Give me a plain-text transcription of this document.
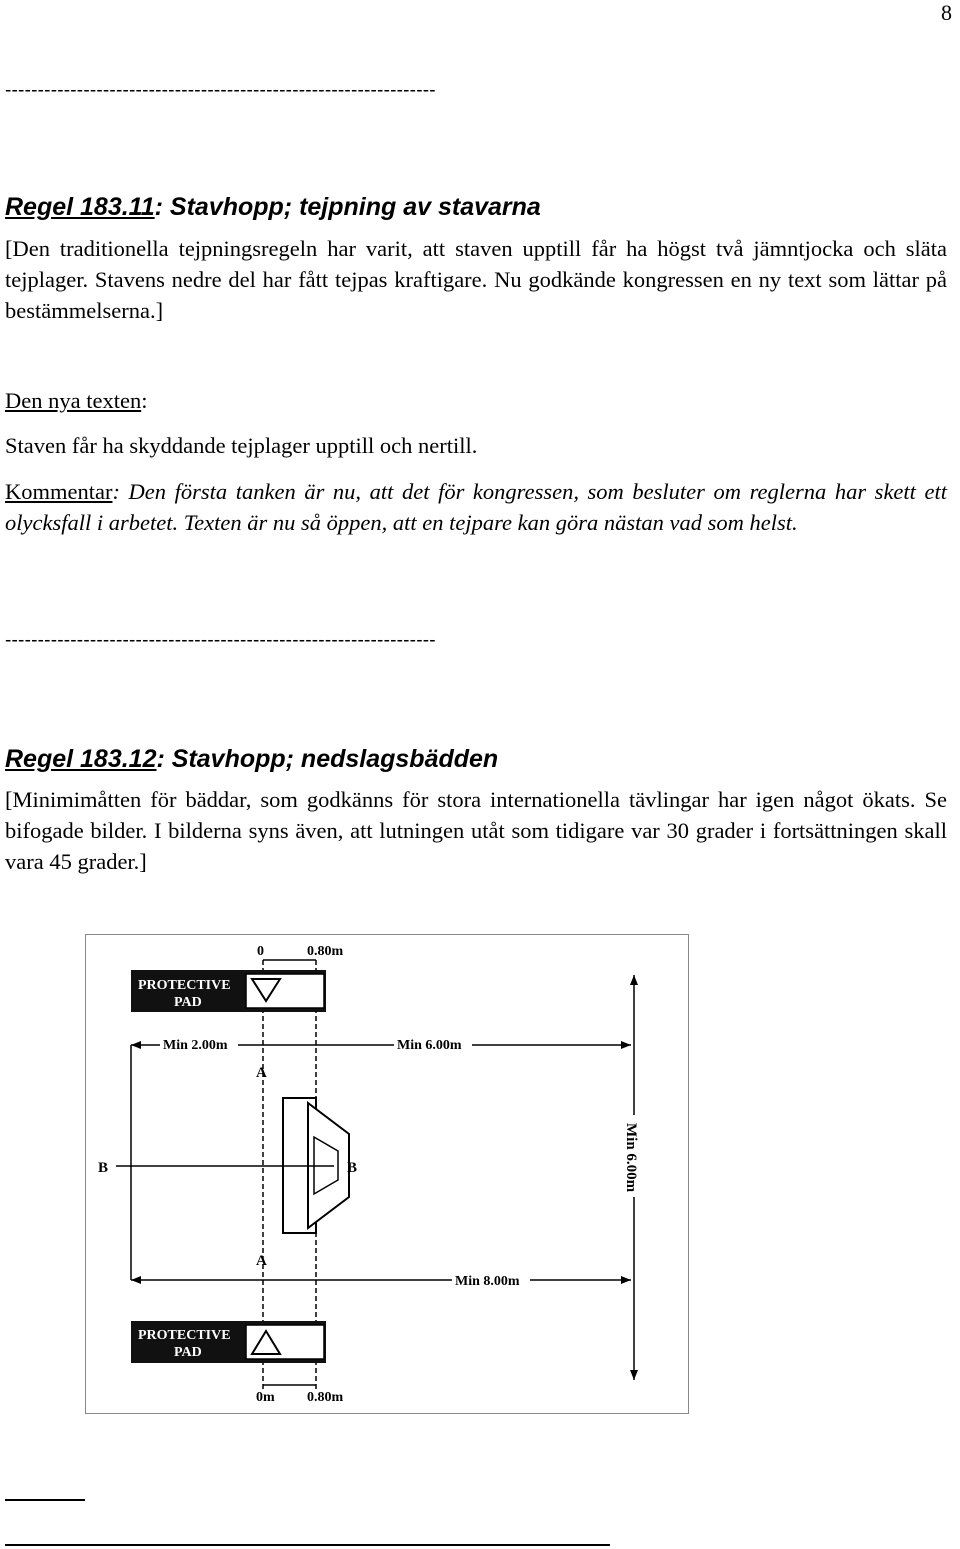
8
------------------------------------------------------------------
Regel 183.11: Stavhopp; tejpning av stavarna
[Den traditionella tejpningsregeln har varit, att staven upptill får ha högst två jämntjocka och släta tejplager. Stavens nedre del har fått tejpas kraftigare. Nu godkände kongressen en ny text som lättar på bestämmelserna.]
Den nya texten:
Staven får ha skyddande tejplager upptill och nertill.
Kommentar: Den första tanken är nu, att det för kongressen, som besluter om reglerna har skett ett olycksfall i arbetet. Texten är nu så öppen, att en tejpare kan göra nästan vad som helst.
------------------------------------------------------------------
Regel 183.12: Stavhopp; nedslagsbädden
[Minimimåtten för bäddar, som godkänns för stora internationella tävlingar har igen något ökats. Se bifogade bilder. I bilderna syns även, att lutningen utåt som tidigare var 30 grader i fortsättningen skall vara 45 grader.]
0	0.80m
PROTECTIVE
PAD
Min 2.00m	Min 6.00m
A
A
B	B	Min 6.00m
Min 8.00m
PROTECTIVE
PAD
0m 0.80m
